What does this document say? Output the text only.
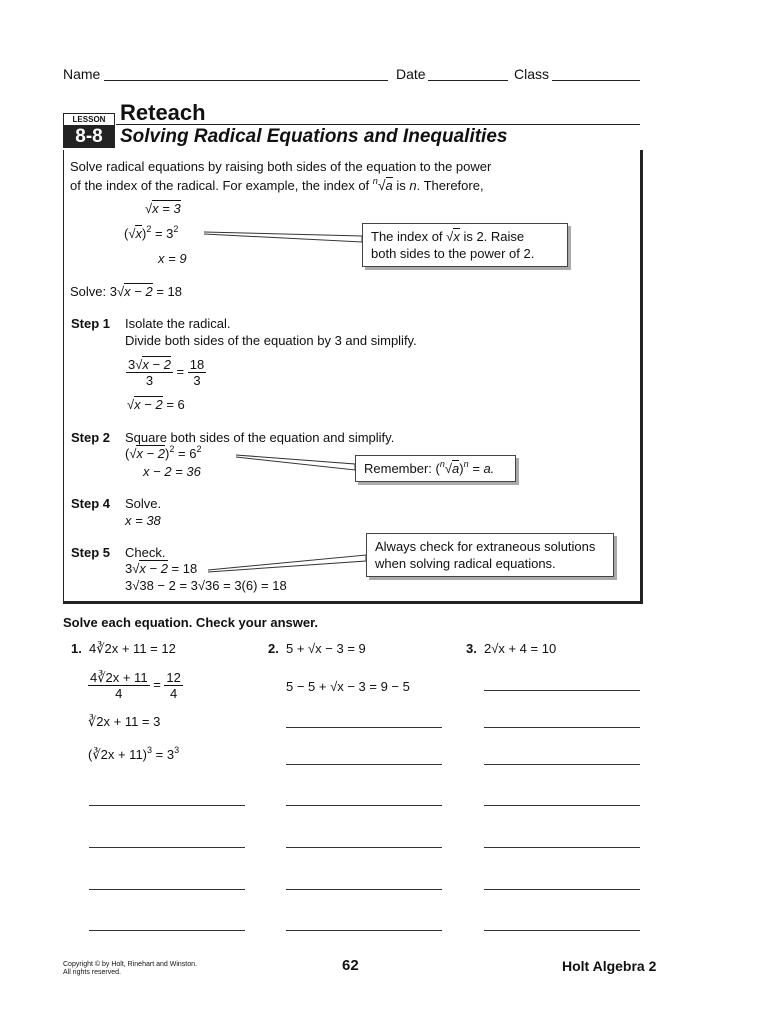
Name	Date	Class
LESSON
8-8
Reteach
Solving Radical Equations and Inequalities
Solve radical equations by raising both sides of the equation to the power
of the index of the radical. For example, the index of $^n$√a is n. Therefore,
√x = 3
$(√x)^2 = 3^2$
x = 9
The index of √x is 2. Raise
both sides to the power of 2.
Solve: 3√x − 2 = 18
Step 1 Isolate the radical.
Divide both sides of the equation by 3 and simplify.
$\frac{3√x - 2}{3} = \frac{18}{3}$
√x − 2 = 6
Step 2 Square both sides of the equation and simplify.
$(√x - 2)^2 = 6^2$
x − 2 = 36	Remember: $(^n√a)^n = a$.
Step 4 Solve.
x = 38
Step 5 Check.
3√x − 2 = 18
3√38 − 2 = 3√36 = 3(6) = 18
Always check for extraneous solutions
when solving radical equations.
Solve each equation. Check your answer.
1. 4∛2x + 11 = 12
$\frac{4∛2x + 11}{4} = \frac{12}{4}$
∛2x + 11 = 3
(∛2x + $11)^3 = 3^3$
2. 5 + √x − 3 = 9
5 − 5 + √x − 3 = 9 − 5
3. 2√x + 4 = 10
Copyright © by Holt, Rinehart and Winston.
All rights reserved.	62	Holt Algebra 2
